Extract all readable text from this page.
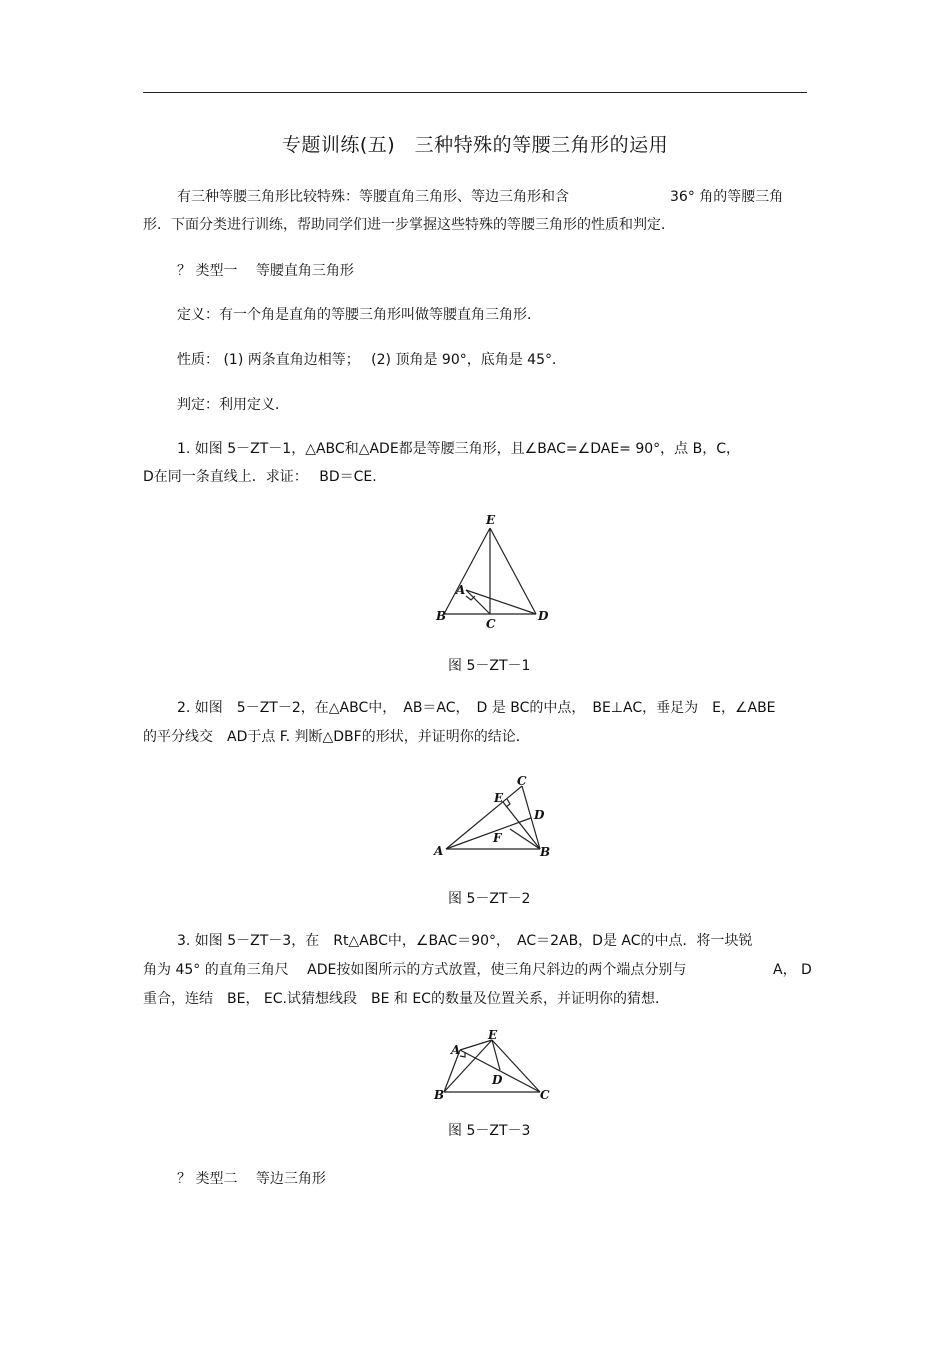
专题训练(五)　三种特殊的等腰三角形的运用
有三种等腰三角形比较特殊：等腰直角三角形、等边三角形和含	36° 角的等腰三角
形．下面分类进行训练，帮助同学们进一步掌握这些特殊的等腰三角形的性质和判定．
？ 类型一　 等腰直角三角形
定义：有一个角是直角的等腰三角形叫做等腰直角三角形．
性质： (1) 两条直角边相等；　 (2) 顶角是 90°，底角是 45°．
判定：利用定义．
1. 如图 5－ZT－1，△ABC和△ADE都是等腰三角形，且∠BAC=∠DAE= 90°，点 B，C，
D在同一条直线上．求证：　 BD＝CE.
E
A
B
C
D
图 5－ZT－1
2. 如图　5－ZT－2，在△ABC中，　AB＝AC，　D 是 BC的中点，　BE⊥AC，垂足为　E，∠ABE
的平分线交　AD于点 F. 判断△DBF的形状，并证明你的结论．
C
E
D
F
A	B
图 5－ZT－2
3. 如图 5－ZT－3，在　Rt△ABC中，∠BAC＝90°，　AC＝2AB，D是 AC的中点．将一块锐
角为 45° 的直角三角尺　 ADE按如图所示的方式放置，使三角尺斜边的两个端点分别与	A， D
重合，连结　BE， EC.试猜想线段　BE 和 EC的数量及位置关系，并证明你的猜想．
E
A
D
B	C
图 5－ZT－3
？ 类型二　 等边三角形
